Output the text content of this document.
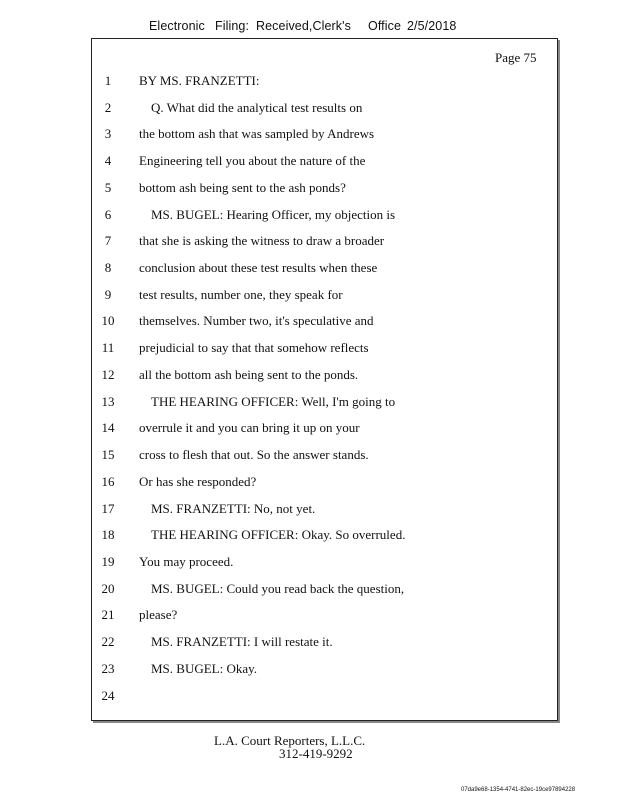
Electronic Filing: Received,Clerk's Office 2/5/2018
Page 75
1	BY MS. FRANZETTI:
2	Q. What did the analytical test results on
3	the bottom ash that was sampled by Andrews
4	Engineering tell you about the nature of the
5	bottom ash being sent to the ash ponds?
6	MS. BUGEL: Hearing Officer, my objection is
7	that she is asking the witness to draw a broader
8	conclusion about these test results when these
9	test results, number one, they speak for
10 themselves. Number two, it's speculative and
11 prejudicial to say that that somehow reflects
12 all the bottom ash being sent to the ponds.
13	THE HEARING OFFICER: Well, I'm going to
14 overrule it and you can bring it up on your
15 cross to flesh that out. So the answer stands.
16 Or has she responded?
17	MS. FRANZETTI: No, not yet.
18	THE HEARING OFFICER: Okay. So overruled.
19 You may proceed.
20	MS. BUGEL: Could you read back the question,
21 please?
22	MS. FRANZETTI: I will restate it.
23	MS. BUGEL: Okay.
24
L.A. Court Reporters, L.L.C.
312-419-9292
07da9e68-1354-4741-82ec-19ce97894228
